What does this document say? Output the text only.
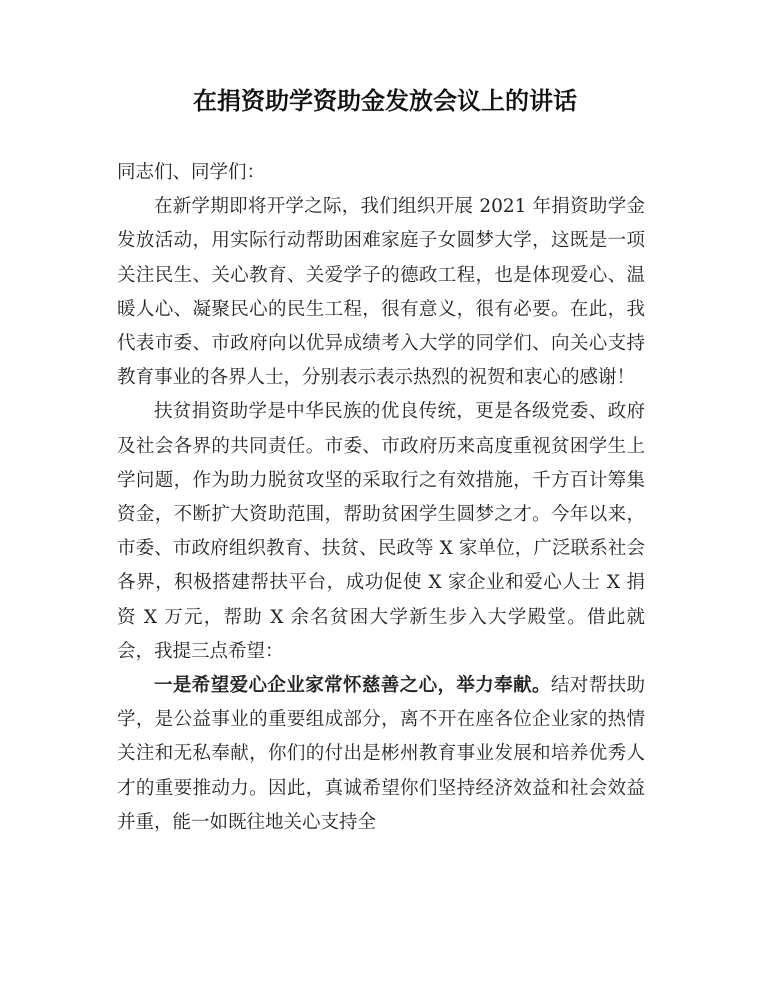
在捐资助学资助金发放会议上的讲话

同志们、同学们：

在新学期即将开学之际，我们组织开展 2021 年捐资助学金发放活动，用实际行动帮助困难家庭子女圆梦大学，这既是一项关注民生、关心教育、关爱学子的德政工程，也是体现爱心、温暖人心、凝聚民心的民生工程，很有意义，很有必要。在此，我代表市委、市政府向以优异成绩考入大学的同学们、向关心支持教育事业的各界人士，分别表示表示热烈的祝贺和衷心的感谢！

扶贫捐资助学是中华民族的优良传统，更是各级党委、政府及社会各界的共同责任。市委、市政府历来高度重视贫困学生上学问题，作为助力脱贫攻坚的采取行之有效措施，千方百计筹集资金，不断扩大资助范围，帮助贫困学生圆梦之才。今年以来，市委、市政府组织教育、扶贫、民政等 X 家单位，广泛联系社会各界，积极搭建帮扶平台，成功促使 X 家企业和爱心人士 X 捐资 X 万元，帮助 X 余名贫困大学新生步入大学殿堂。借此就会，我提三点希望：

一是希望爱心企业家常怀慈善之心，举力奉献。结对帮扶助学，是公益事业的重要组成部分，离不开在座各位企业家的热情关注和无私奉献，你们的付出是彬州教育事业发展和培养优秀人才的重要推动力。因此，真诚希望你们坚持经济效益和社会效益并重，能一如既往地关心支持全
